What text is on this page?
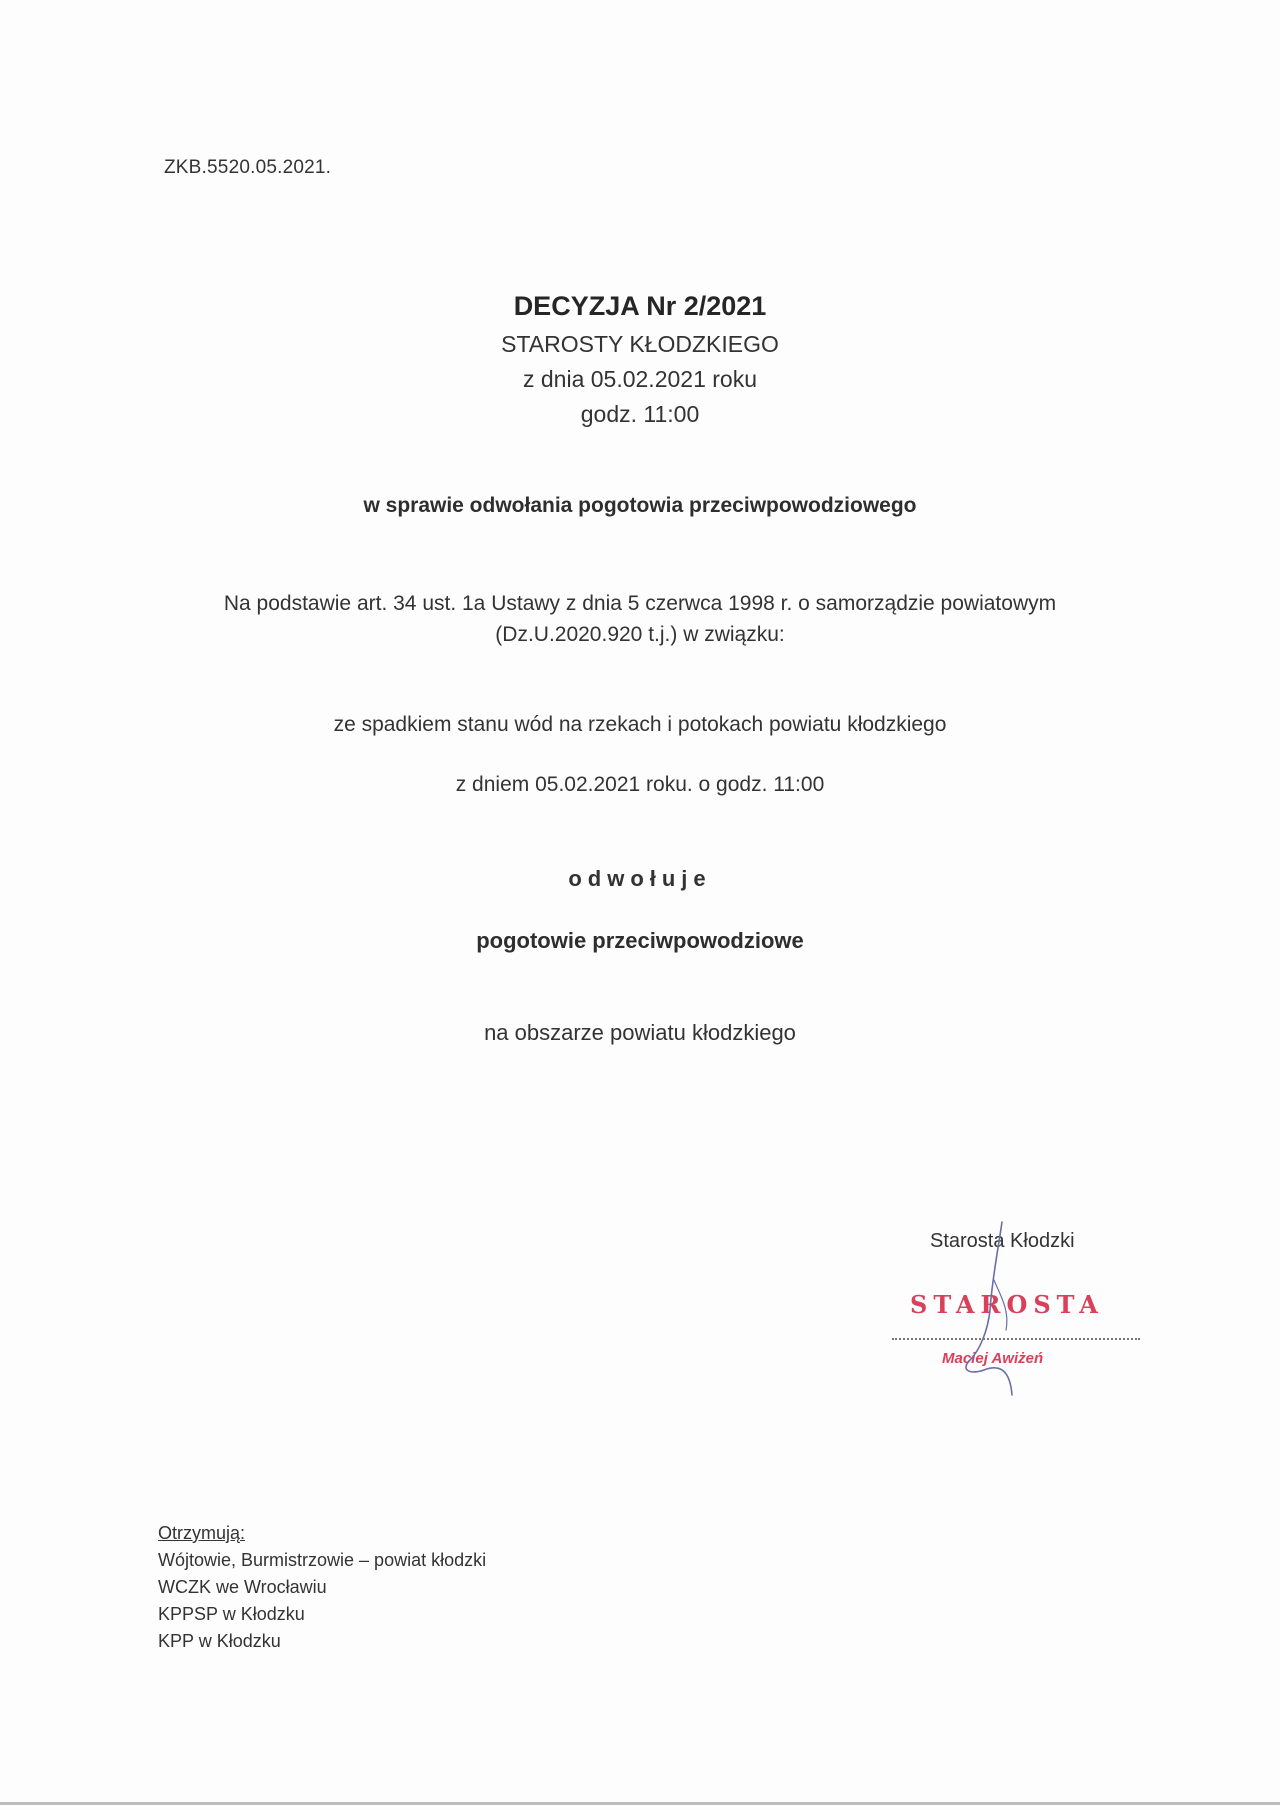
ZKB.5520.05.2021.
DECYZJA Nr 2/2021
STAROSTY KŁODZKIEGO
z dnia 05.02.2021 roku
godz. 11:00
w sprawie odwołania pogotowia przeciwpowodziowego
Na podstawie art. 34 ust. 1a Ustawy z dnia 5 czerwca 1998 r. o samorządzie powiatowym
(Dz.U.2020.920 t.j.) w związku:
ze spadkiem stanu wód na rzekach i potokach powiatu kłodzkiego
z dniem 05.02.2021 roku. o godz. 11:00
odwołuje
pogotowie przeciwpowodziowe
na obszarze powiatu kłodzkiego
Starosta Kłodzki
STAROSTA
Maciej Awiżeń
Otrzymują:
Wójtowie, Burmistrzowie – powiat kłodzki
WCZK we Wrocławiu
KPPSP w Kłodzku
KPP w Kłodzku
